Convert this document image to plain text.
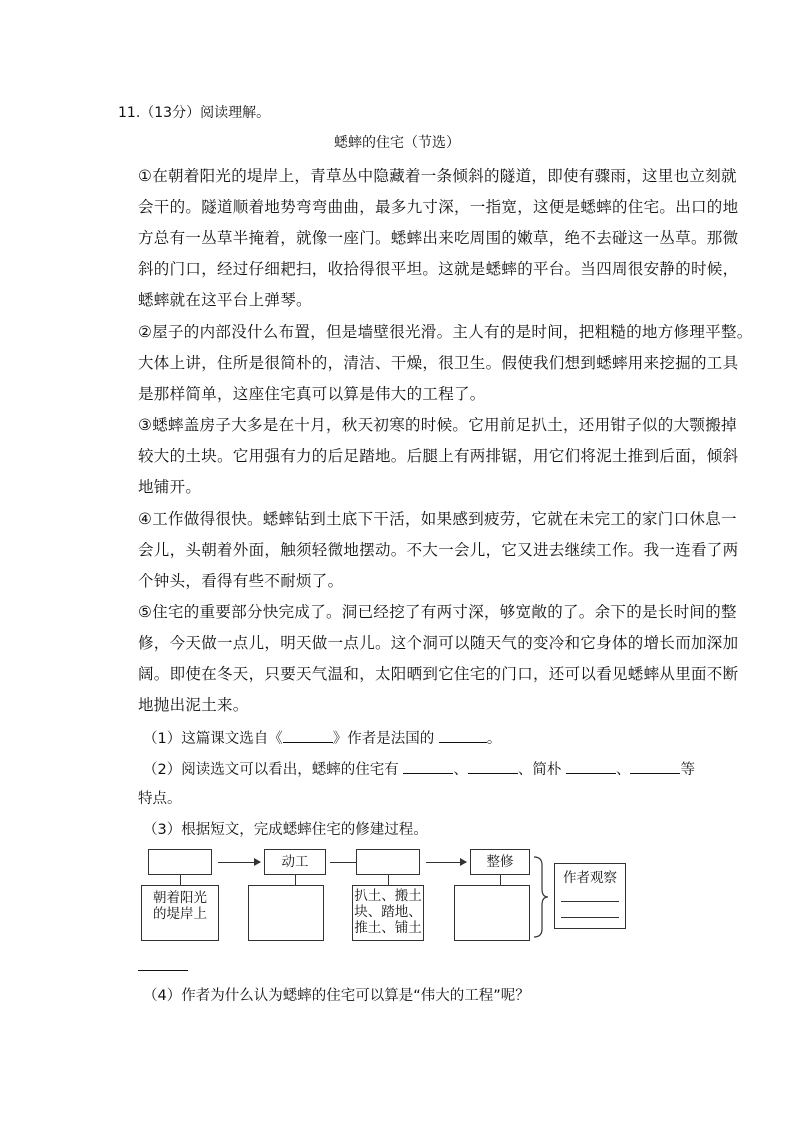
11.（13分）阅读理解。
蟋蟀的住宅（节选）
①在朝着阳光的堤岸上，青草丛中隐藏着一条倾斜的隧道，即使有骤雨，这里也立刻就
会干的。隧道顺着地势弯弯曲曲，最多九寸深，一指宽，这便是蟋蟀的住宅。出口的地
方总有一丛草半掩着，就像一座门。蟋蟀出来吃周围的嫩草，绝不去碰这一丛草。那微
斜的门口，经过仔细耙扫，收拾得很平坦。这就是蟋蟀的平台。当四周很安静的时候，
蟋蟀就在这平台上弹琴。
②屋子的内部没什么布置，但是墙壁很光滑。主人有的是时间，把粗糙的地方修理平整。
大体上讲，住所是很简朴的，清洁、干燥，很卫生。假使我们想到蟋蟀用来挖掘的工具
是那样简单，这座住宅真可以算是伟大的工程了。
③蟋蟀盖房子大多是在十月，秋天初寒的时候。它用前足扒土，还用钳子似的大颚搬掉
较大的土块。它用强有力的后足踏地。后腿上有两排锯，用它们将泥土推到后面，倾斜
地铺开。
④工作做得很快。蟋蟀钻到土底下干活，如果感到疲劳，它就在未完工的家门口休息一
会儿，头朝着外面，触须轻微地摆动。不大一会儿，它又进去继续工作。我一连看了两
个钟头，看得有些不耐烦了。
⑤住宅的重要部分快完成了。洞已经挖了有两寸深，够宽敞的了。余下的是长时间的整
修，今天做一点儿，明天做一点儿。这个洞可以随天气的变冷和它身体的增长而加深加
阔。即使在冬天，只要天气温和，太阳晒到它住宅的门口，还可以看见蟋蟀从里面不断
地抛出泥土来。
（1）这篇课文选自《	》作者是法国的	。
（2）阅读选文可以看出，蟋蟀的住宅有	、	、简朴	、	等
特点。
（3）根据短文，完成蟋蟀住宅的修建过程。
动工	整修
朝着阳光
的堤岸上
扒土、搬土
块、踏地、
推土、铺土
作者观察
（4）作者为什么认为蟋蟀的住宅可以算是“伟大的工程”呢？
